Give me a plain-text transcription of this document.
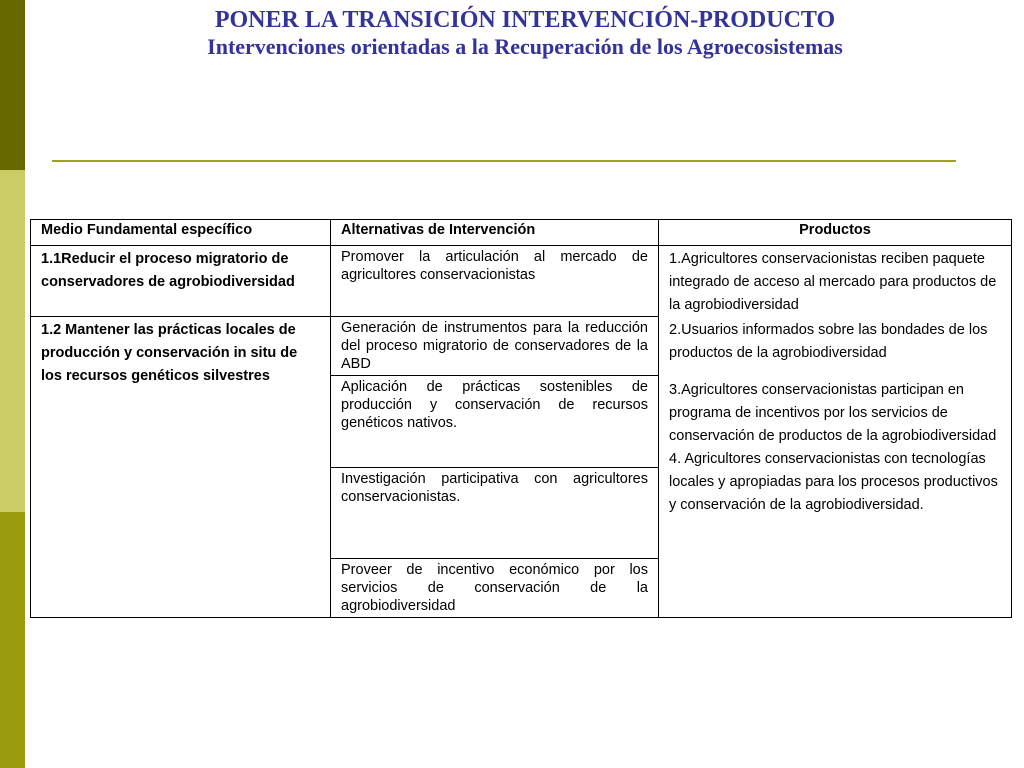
PONER LA TRANSICIÓN INTERVENCIÓN-PRODUCTO
Intervenciones orientadas a la Recuperación de los Agroecosistemas
Medio Fundamental específico	Alternativas de Intervención	Productos
1.1Reducir el proceso migratorio de conservadores de agrobiodiversidad	Promover la articulación al mercado de agricultores conservacionistas	1.Agricultores conservacionistas reciben paquete integrado de acceso al mercado para productos de la agrobiodiversidad
2.Usuarios informados sobre las bondades de los productos de la agrobiodiversidad
3.Agricultores conservacionistas participan en programa de incentivos por los servicios de conservación de productos de la agrobiodiversidad
4. Agricultores conservacionistas con tecnologías locales y apropiadas para los procesos productivos y conservación de la agrobiodiversidad.

1.2 Mantener las prácticas locales de producción y conservación in situ de los recursos genéticos silvestres	Generación de instrumentos para la reducción del proceso migratorio de conservadores de la ABD	
	Aplicación de prácticas sostenibles de producción y conservación de recursos genéticos nativos.	
	Investigación participativa con agricultores conservacionistas.	
	Proveer de incentivo económico por los servicios de conservación de la agrobiodiversidad	
